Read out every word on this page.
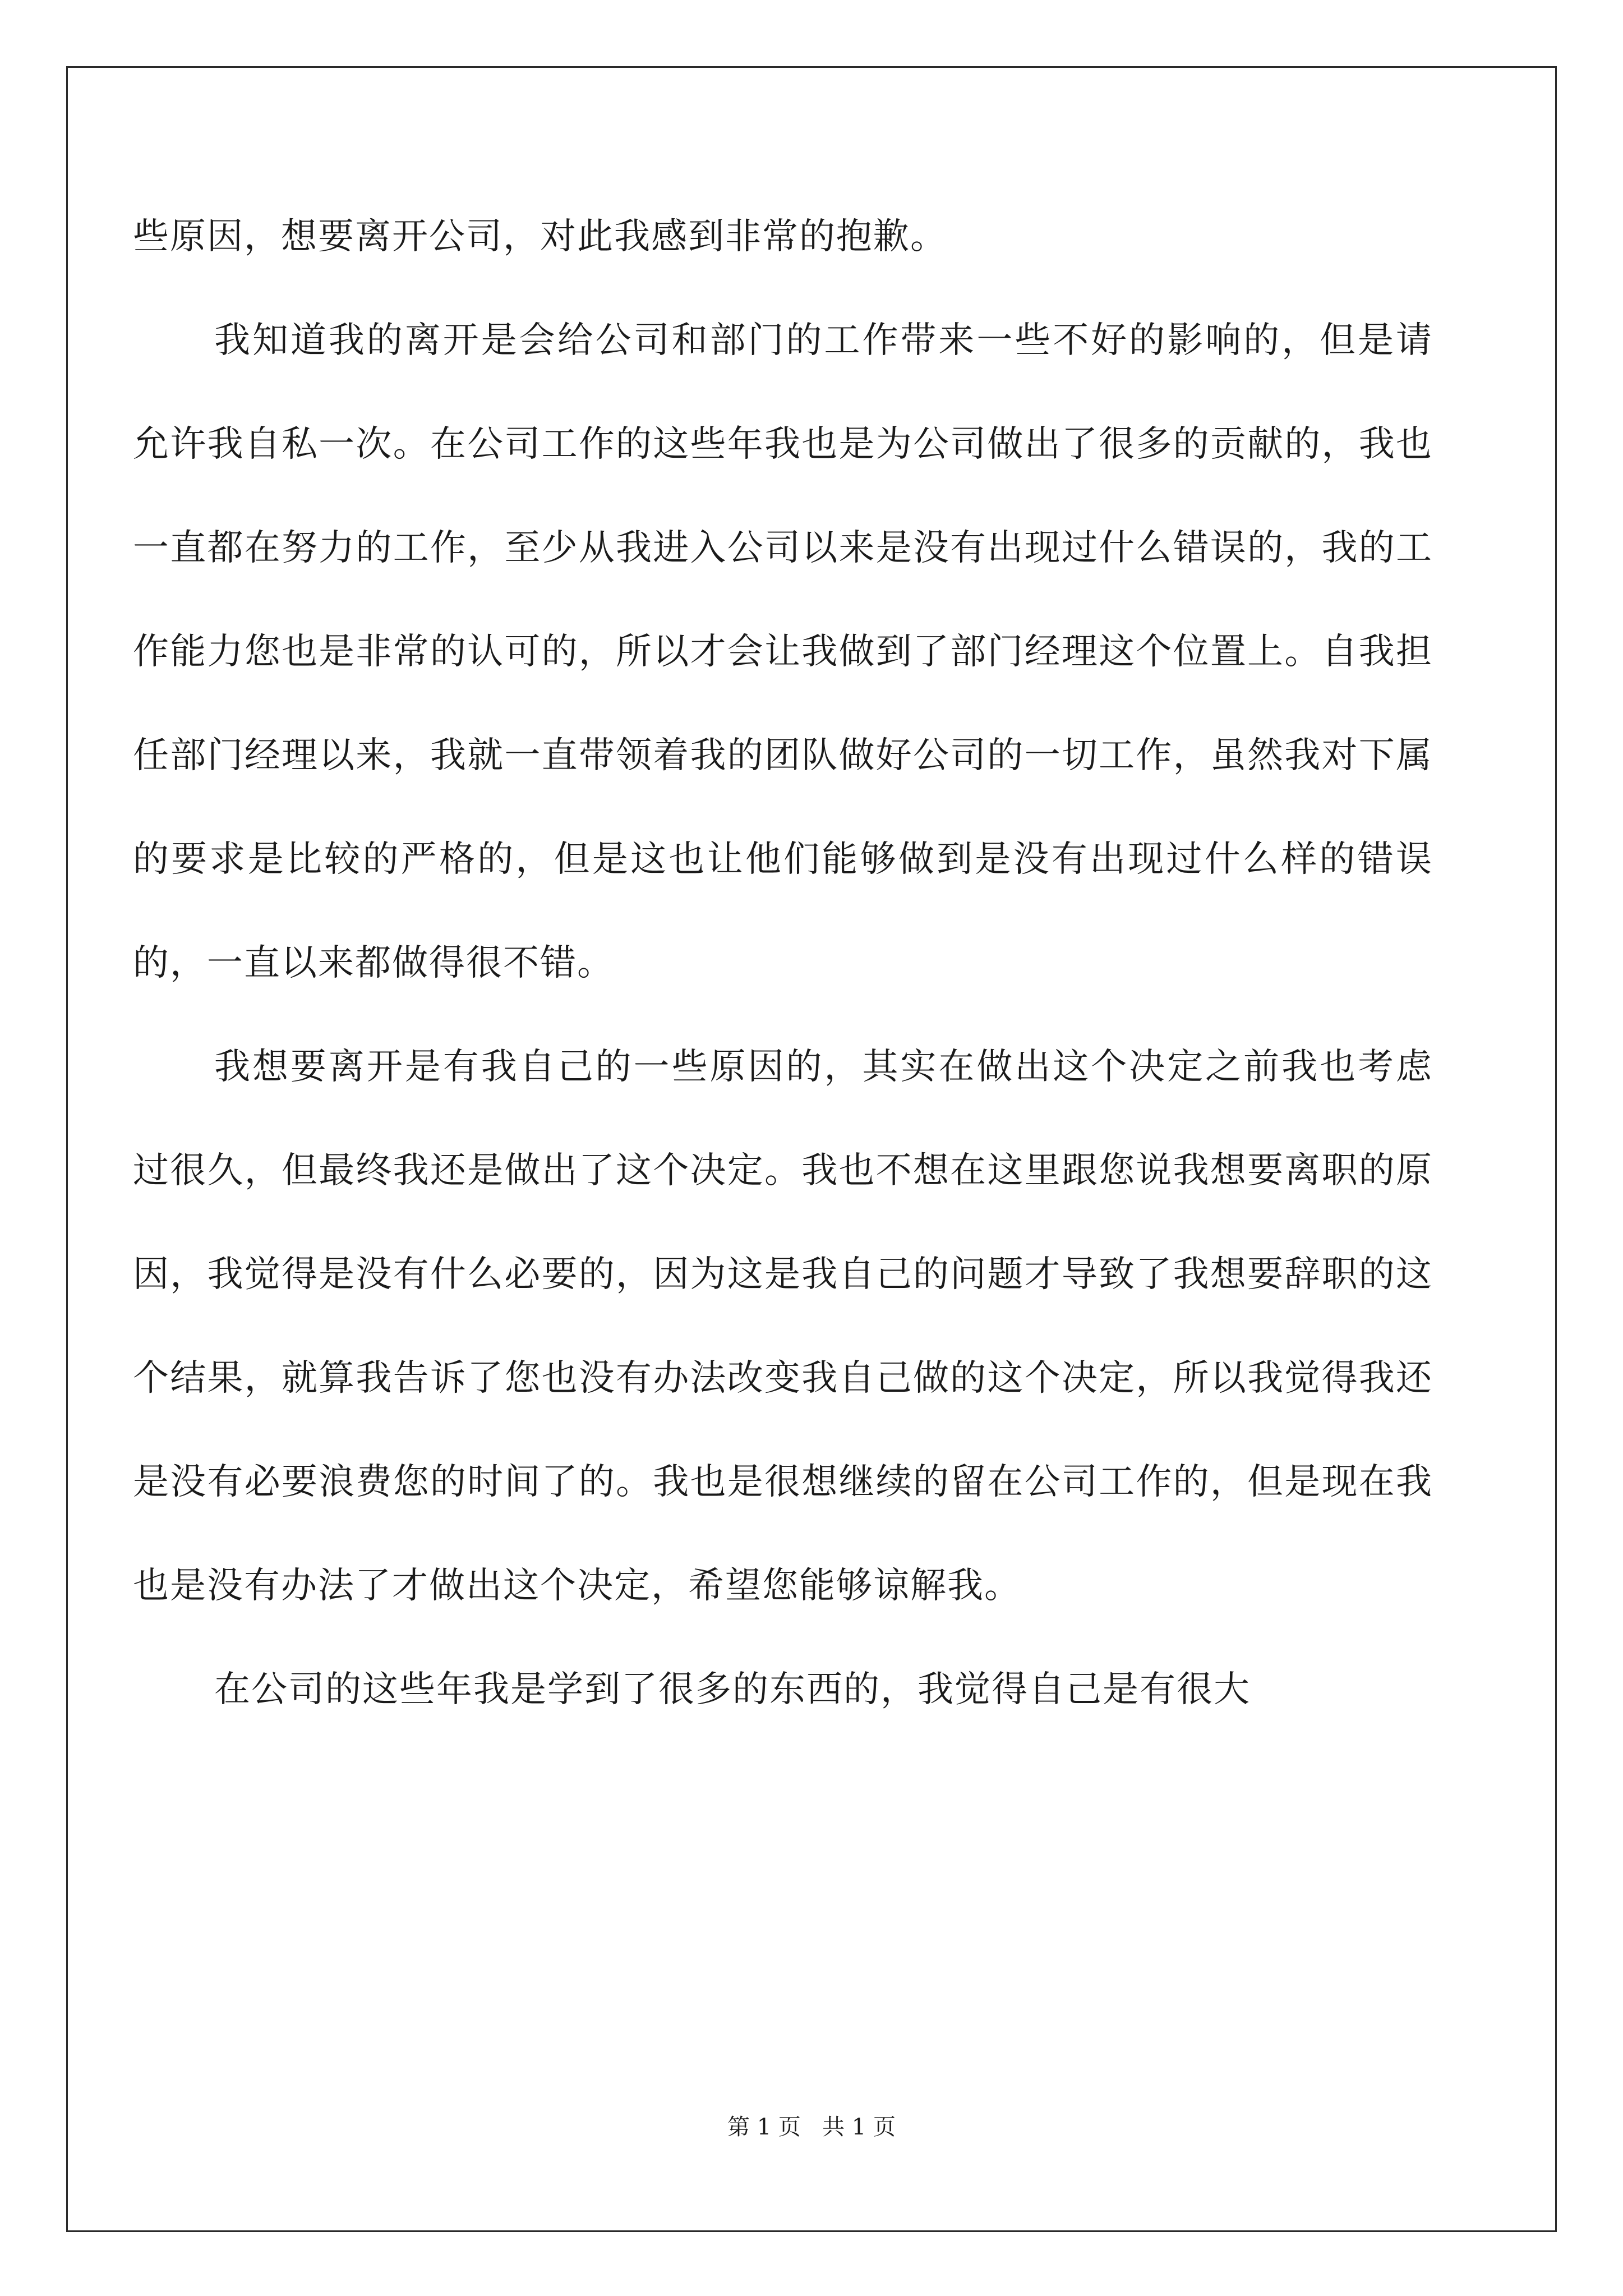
些原因，想要离开公司，对此我感到非常的抱歉。

我知道我的离开是会给公司和部门的工作带来一些不好的影响的，但是请允许我自私一次。在公司工作的这些年我也是为公司做出了很多的贡献的，我也一直都在努力的工作，至少从我进入公司以来是没有出现过什么错误的，我的工作能力您也是非常的认可的，所以才会让我做到了部门经理这个位置上。自我担任部门经理以来，我就一直带领着我的团队做好公司的一切工作，虽然我对下属的要求是比较的严格的，但是这也让他们能够做到是没有出现过什么样的错误的，一直以来都做得很不错。

我想要离开是有我自己的一些原因的，其实在做出这个决定之前我也考虑过很久，但最终我还是做出了这个决定。我也不想在这里跟您说我想要离职的原因，我觉得是没有什么必要的，因为这是我自己的问题才导致了我想要辞职的这个结果，就算我告诉了您也没有办法改变我自己做的这个决定，所以我觉得我还是没有必要浪费您的时间了的。我也是很想继续的留在公司工作的，但是现在我也是没有办法了才做出这个决定，希望您能够谅解我。

在公司的这些年我是学到了很多的东西的，我觉得自己是有很大

第 1 页   共 1 页
